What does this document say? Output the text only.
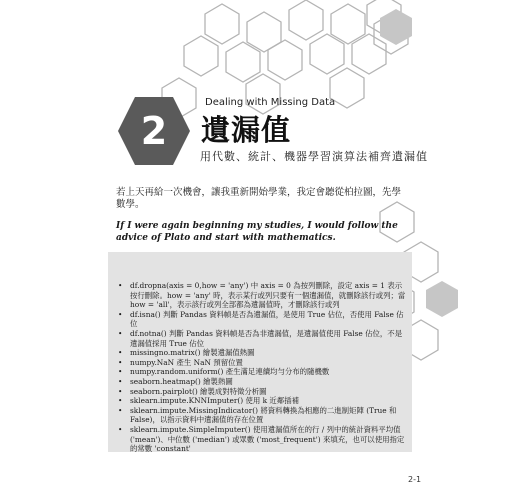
2
Dealing with Missing Data
遺漏值
用代數、統計、機器學習演算法補齊遺漏值

若上天再給一次機會，讓我重新開始學業，我定會聽從柏拉圖，先學數學。

If I were again beginning my studies, I would follow the advice of Plato and start with mathematics.

• df.dropna(axis = 0,how = 'any') 中 axis = 0 為按列刪除，設定 axis = 1 表示按行刪除。how = 'any' 時，表示某行或列只要有一個遺漏值，就刪除該行或列；當 how = 'all'，表示該行或列全部都為遺漏值時，才刪除該行或列
• df.isna() 判斷 Pandas 資料幀是否為遺漏值，是使用 True 佔位，否使用 False 佔位
• df.notna() 判斷 Pandas 資料幀是否為非遺漏值，是遺漏值使用 False 佔位，不是遺漏值採用 True 佔位
• missingno.matrix() 繪製遺漏值熱圖
• numpy.NaN 產生 NaN 預留位置
• numpy.random.uniform() 產生滿足連續均勻分布的隨機數
• seaborn.heatmap() 繪製熱圖
• seaborn.pairplot() 繪製成對特徵分析圖
• sklearn.impute.KNNImputer() 使用 k 近鄰插補
• sklearn.impute.MissingIndicator() 將資料轉換為相應的二進制矩陣 (True 和 False)，以指示資料中遺漏值的存在位置
• sklearn.impute.SimpleImputer() 使用遺漏值所在的行 / 列中的統計資料平均值 ('mean')、中位數 ('median') 或眾數 ('most_frequent') 來填充，也可以使用指定的常數 'constant'
2-1
